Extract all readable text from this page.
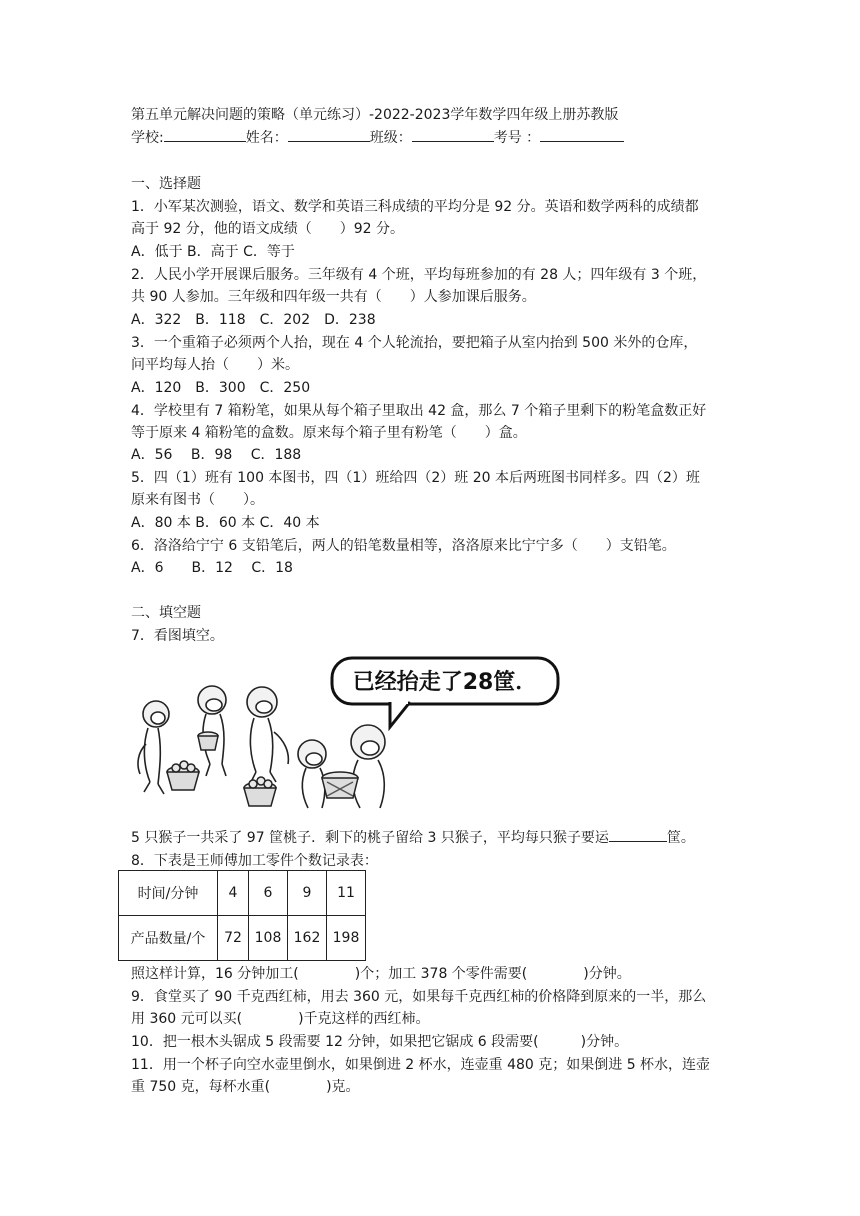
第五单元解决问题的策略（单元练习）-2022-2023学年数学四年级上册苏教版
学校:	姓名：	班级：	考号 ：
一、选择题
1．小军某次测验，语文、数学和英语三科成绩的平均分是 92 分。英语和数学两科的成绩都
高于 92 分，他的语文成绩（　　）92 分。
A．低于 B．高于 C．等于
2．人民小学开展课后服务。三年级有 4 个班，平均每班参加的有 28 人；四年级有 3 个班，
共 90 人参加。三年级和四年级一共有（　　）人参加课后服务。
A．322　B．118　C．202　D．238
3．一个重箱子必须两个人抬，现在 4 个人轮流抬，要把箱子从室内抬到 500 米外的仓库，
问平均每人抬（　　）米。
A．120　B．300　C．250
4．学校里有 7 箱粉笔，如果从每个箱子里取出 42 盒，那么 7 个箱子里剩下的粉笔盒数正好
等于原来 4 箱粉笔的盒数。原来每个箱子里有粉笔（　　）盒。
A．56　 B．98　 C．188
5．四（1）班有 100 本图书，四（1）班给四（2）班 20 本后两班图书同样多。四（2）班
原来有图书（　　）。
A．80 本 B．60 本 C．40 本
6．洛洛给宁宁 6 支铅笔后，两人的铅笔数量相等，洛洛原来比宁宁多（　　）支铅笔。
A．6　　B．12　 C．18
二、填空题
7．看图填空。
已经抬走了28筐．
5 只猴子一共采了 97 筐桃子．剩下的桃子留给 3 只猴子，平均每只猴子要运	筐。
8．下表是王师傅加工零件个数记录表：
时间/分钟	4	6	9	11
产品数量/个	72	108	162	198
照这样计算，16 分钟加工(　　　　)个；加工 378 个零件需要(　　　　)分钟。
9．食堂买了 90 千克西红柿，用去 360 元，如果每千克西红柿的价格降到原来的一半，那么
用 360 元可以买(　　　　)千克这样的西红柿。
10．把一根木头锯成 5 段需要 12 分钟，如果把它锯成 6 段需要(　　　)分钟。
11．用一个杯子向空水壶里倒水，如果倒进 2 杯水，连壶重 480 克；如果倒进 5 杯水，连壶
重 750 克，每杯水重(　　　　)克。
